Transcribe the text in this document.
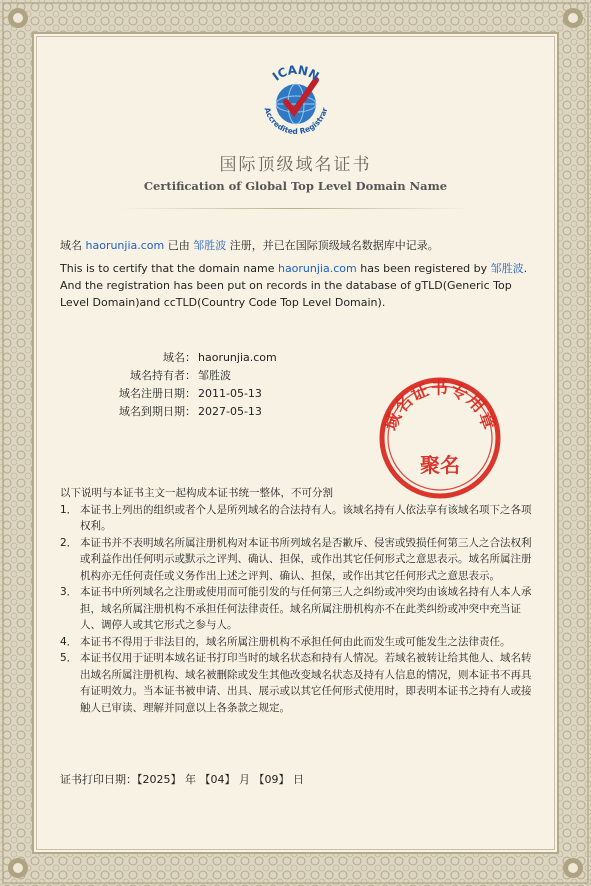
ICANN
Accredited Registrar
国际顶级域名证书
Certification of Global Top Level Domain Name
域名 haorunjia.com 已由 邹胜波 注册，并已在国际顶级域名数据库中记录。
This is to certify that the domain name haorunjia.com has been registered by 邹胜波. And the registration has been put on records in the database of gTLD(Generic Top Level Domain)and ccTLD(Country Code Top Level Domain).
域名： haorunjia.com
域名持有者： 邹胜波
域名注册日期： 2011-05-13
域名到期日期： 2027-05-13	域名证书专用章
聚名
以下说明与本证书主文一起构成本证书统一整体，不可分割
1． 本证书上列出的组织或者个人是所列域名的合法持有人。该域名持有人依法享有该域名项下之各项权利。
2． 本证书并不表明域名所属注册机构对本证书所列域名是否歉斥、侵害或毁损任何第三人之合法权利或利益作出任何明示或默示之评判、确认、担保，或作出其它任何形式之意思表示。域名所属注册机构亦无任何责任或义务作出上述之评判、确认、担保，或作出其它任何形式之意思表示。
3． 本证书中所列域名之注册或使用而可能引发的与任何第三人之纠纷或冲突均由该域名持有人本人承担，域名所属注册机构不承担任何法律责任。域名所属注册机构亦不在此类纠纷或冲突中充当证人、调停人或其它形式之参与人。
4． 本证书不得用于非法目的，域名所属注册机构不承担任何由此而发生或可能发生之法律责任。
5． 本证书仅用于证明本域名证书打印当时的域名状态和持有人情况。若域名被转让给其他人、域名转出域名所属注册机构、域名被删除或发生其他改变域名状态及持有人信息的情况，则本证书不再具有证明效力。当本证书被申请、出具、展示或以其它任何形式使用时，即表明本证书之持有人或接触人已审读、理解并同意以上各条款之规定。
证书打印日期：【2025】 年 【04】 月 【09】 日
